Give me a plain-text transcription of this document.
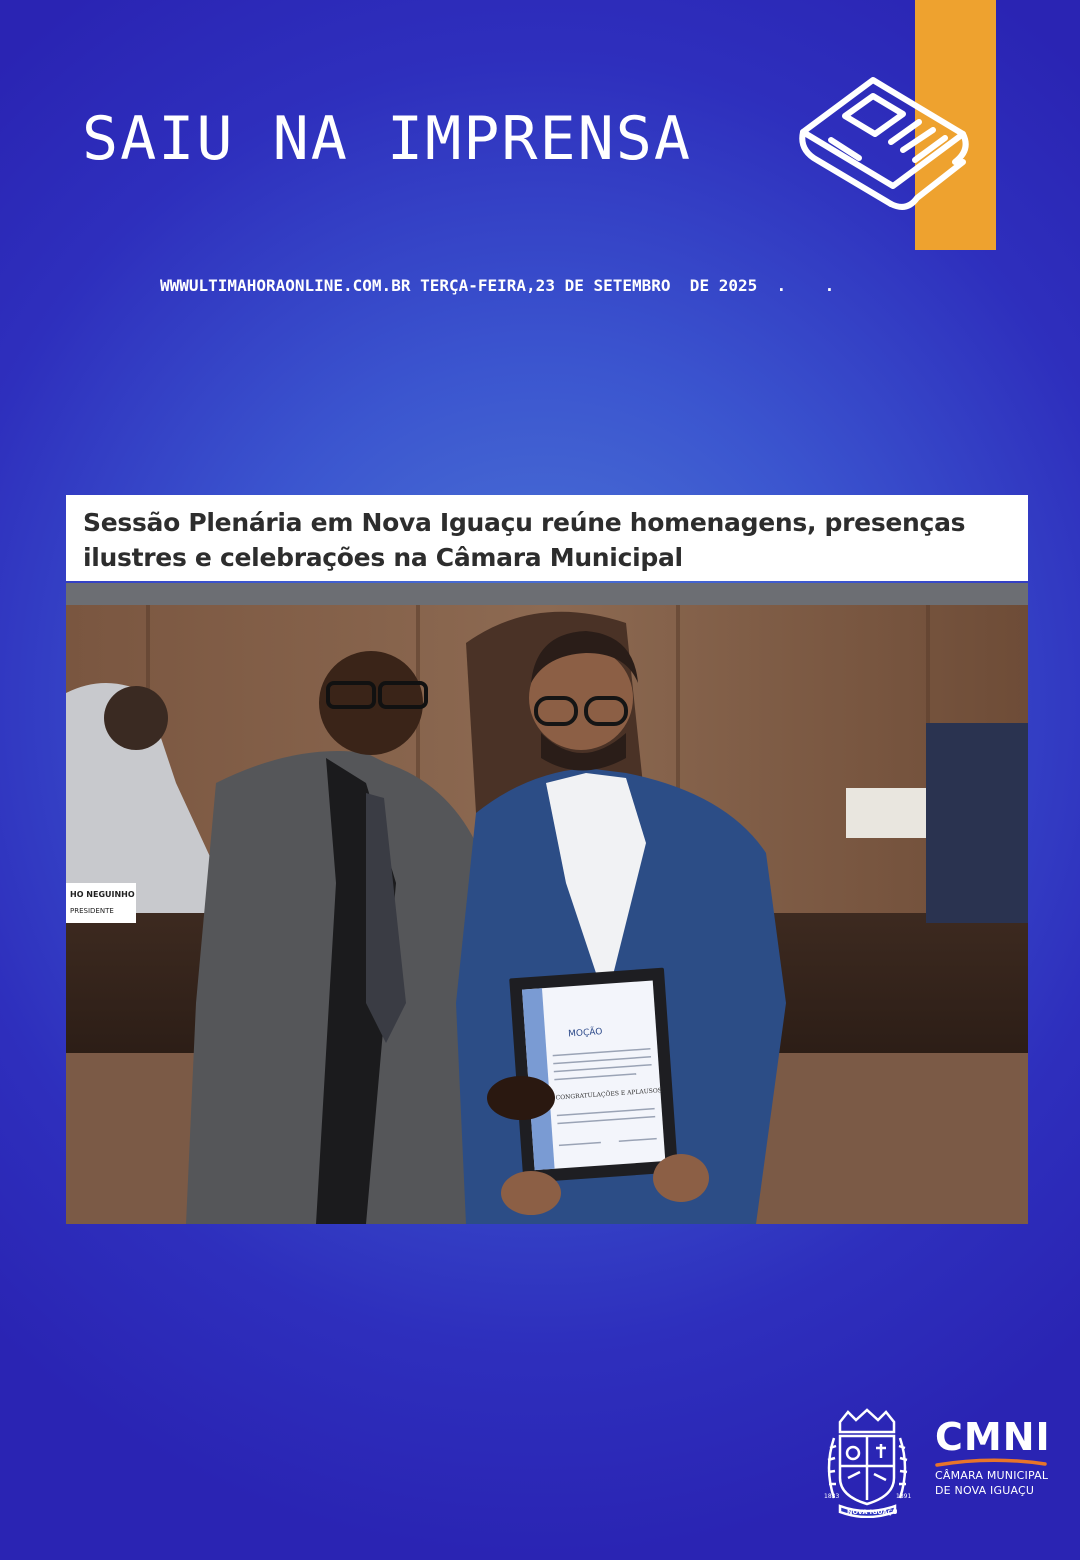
SAIU NA IMPRENSA
WWWULTIMAHORAONLINE.COM.BR TERÇA-FEIRA,23 DE SETEMBRO  DE 2025  .    .
Sessão Plenária em Nova Iguaçu reúne homenagens, presenças ilustres e celebrações na Câmara Municipal
HO NEGUINHO
PRESIDENTE
MOÇÃO
CONGRATULAÇÕES E APLAUSOS
1833	1891
NOVA IGUAÇU
CMNI
CÂMARA MUNICIPAL
DE NOVA IGUAÇU
